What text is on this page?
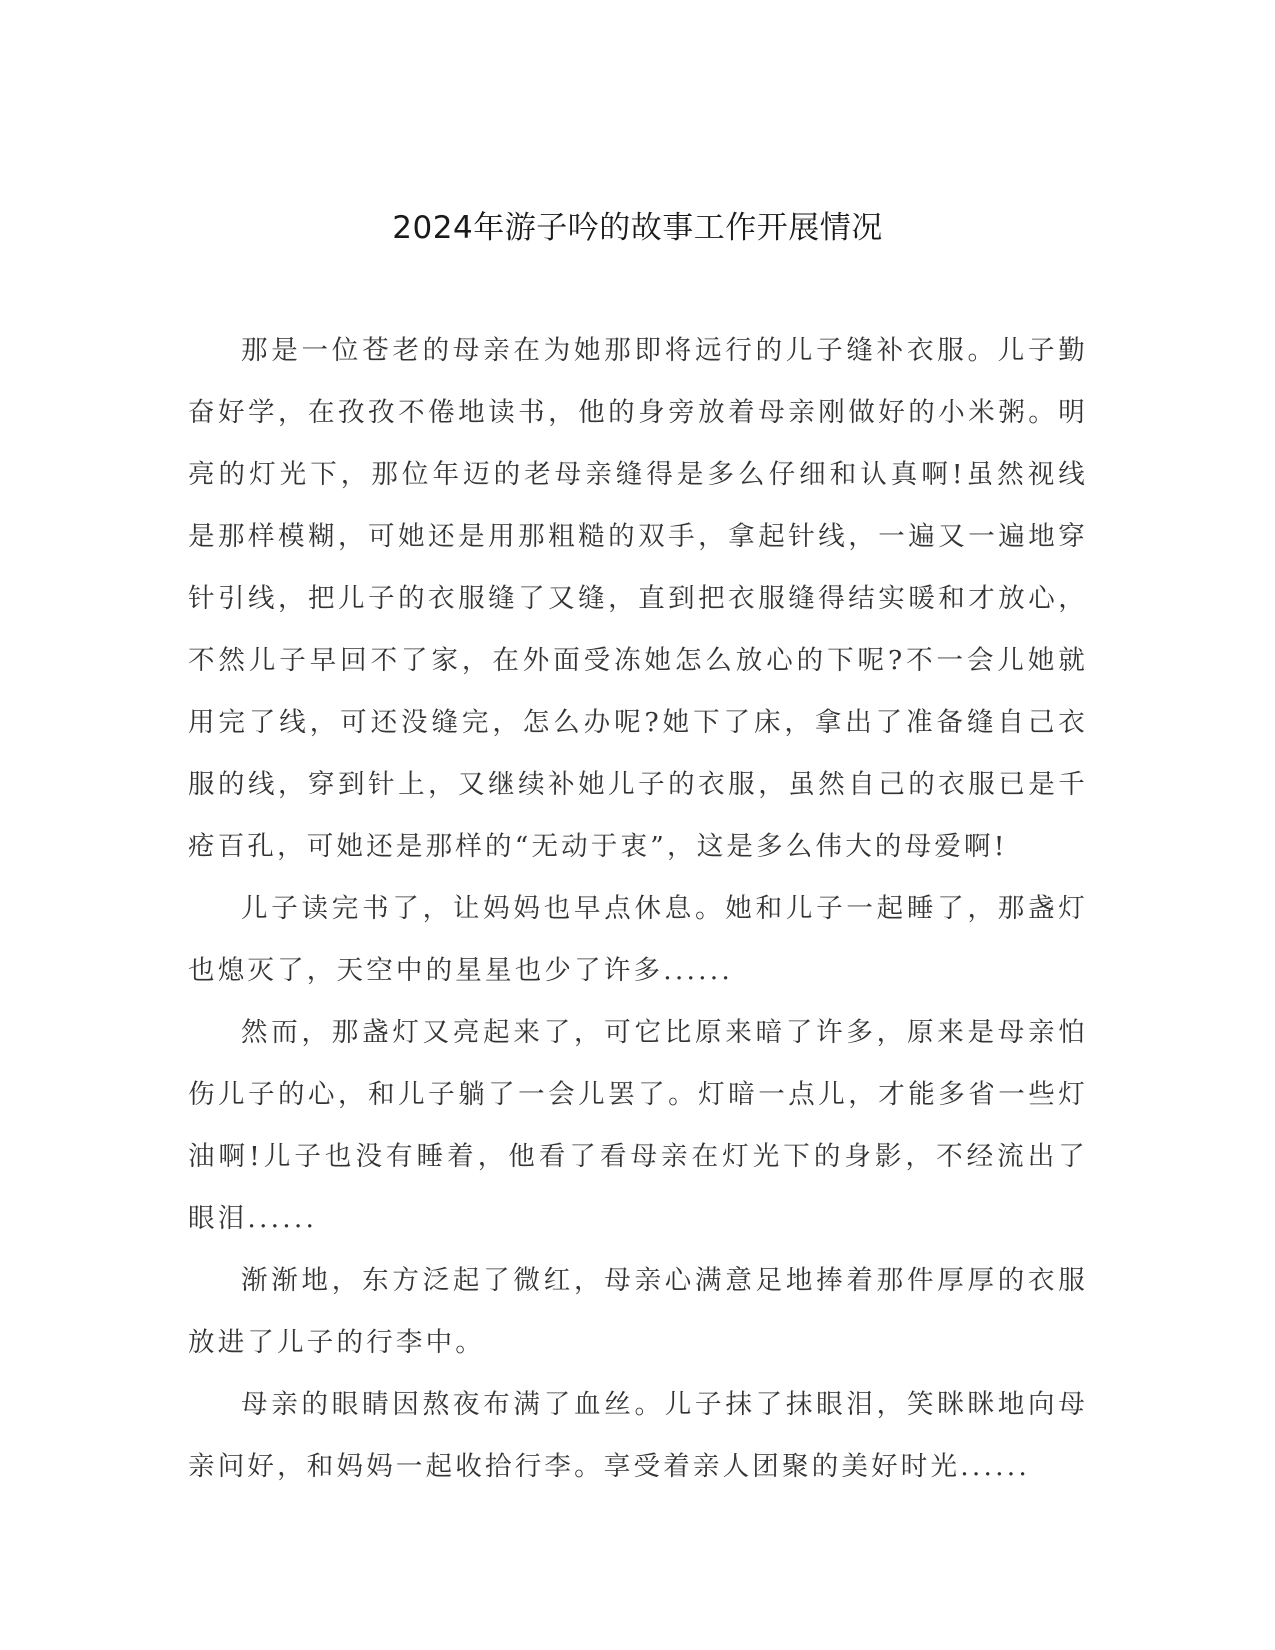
2024年游子吟的故事工作开展情况

那是一位苍老的母亲在为她那即将远行的儿子缝补衣服。儿子勤奋好学，在孜孜不倦地读书，他的身旁放着母亲刚做好的小米粥。明亮的灯光下，那位年迈的老母亲缝得是多么仔细和认真啊!虽然视线是那样模糊，可她还是用那粗糙的双手，拿起针线，一遍又一遍地穿针引线，把儿子的衣服缝了又缝，直到把衣服缝得结实暖和才放心，不然儿子早回不了家，在外面受冻她怎么放心的下呢?不一会儿她就用完了线，可还没缝完，怎么办呢?她下了床，拿出了准备缝自己衣服的线，穿到针上，又继续补她儿子的衣服，虽然自己的衣服已是千疮百孔，可她还是那样的“无动于衷”，这是多么伟大的母爱啊!

儿子读完书了，让妈妈也早点休息。她和儿子一起睡了，那盏灯也熄灭了，天空中的星星也少了许多......

然而，那盏灯又亮起来了，可它比原来暗了许多，原来是母亲怕伤儿子的心，和儿子躺了一会儿罢了。灯暗一点儿，才能多省一些灯油啊!儿子也没有睡着，他看了看母亲在灯光下的身影，不经流出了眼泪......

渐渐地，东方泛起了微红，母亲心满意足地捧着那件厚厚的衣服放进了儿子的行李中。

母亲的眼睛因熬夜布满了血丝。儿子抹了抹眼泪，笑眯眯地向母亲问好，和妈妈一起收拾行李。享受着亲人团聚的美好时光......
